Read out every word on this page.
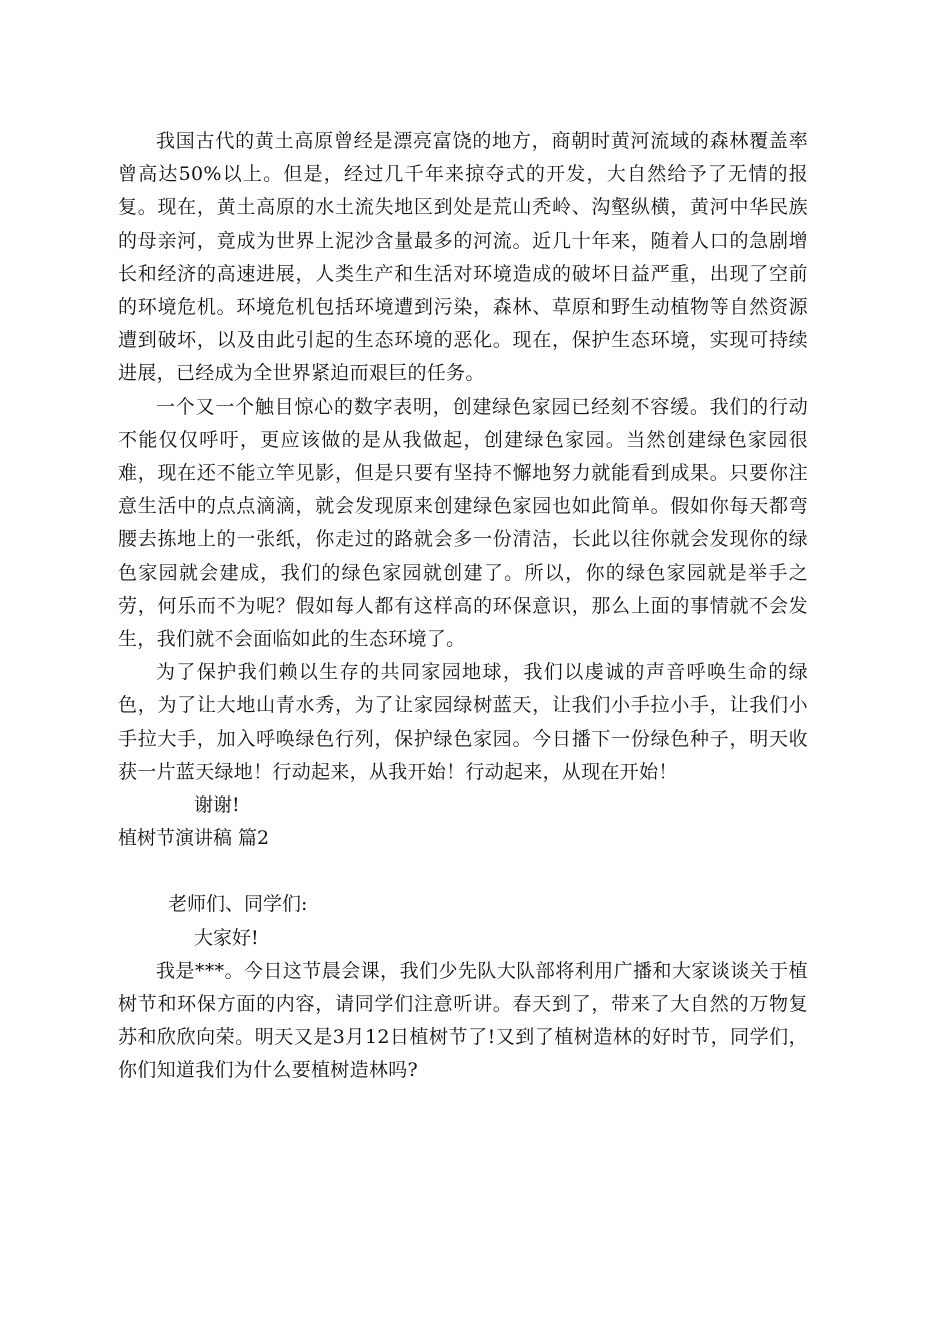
我国古代的黄土高原曾经是漂亮富饶的地方，商朝时黄河流域的森林覆盖率曾高达50%以上。但是，经过几千年来掠夺式的开发，大自然给予了无情的报复。现在，黄土高原的水土流失地区到处是荒山秃岭、沟壑纵横，黄河中华民族的母亲河，竟成为世界上泥沙含量最多的河流。近几十年来，随着人口的急剧增长和经济的高速进展，人类生产和生活对环境造成的破坏日益严重，出现了空前的环境危机。环境危机包括环境遭到污染，森林、草原和野生动植物等自然资源遭到破坏，以及由此引起的生态环境的恶化。现在，保护生态环境，实现可持续进展，已经成为全世界紧迫而艰巨的任务。

一个又一个触目惊心的数字表明，创建绿色家园已经刻不容缓。我们的行动不能仅仅呼吁，更应该做的是从我做起，创建绿色家园。当然创建绿色家园很难，现在还不能立竿见影，但是只要有坚持不懈地努力就能看到成果。只要你注意生活中的点点滴滴，就会发现原来创建绿色家园也如此简单。假如你每天都弯腰去拣地上的一张纸，你走过的路就会多一份清洁，长此以往你就会发现你的绿色家园就会建成，我们的绿色家园就创建了。所以，你的绿色家园就是举手之劳，何乐而不为呢？假如每人都有这样高的环保意识，那么上面的事情就不会发生，我们就不会面临如此的生态环境了。

为了保护我们赖以生存的共同家园地球，我们以虔诚的声音呼唤生命的绿色，为了让大地山青水秀，为了让家园绿树蓝天，让我们小手拉小手，让我们小手拉大手，加入呼唤绿色行列，保护绿色家园。今日播下一份绿色种子，明天收获一片蓝天绿地！行动起来，从我开始！行动起来，从现在开始！

谢谢!

植树节演讲稿 篇2

老师们、同学们:

大家好!

我是***。今日这节晨会课，我们少先队大队部将利用广播和大家谈谈关于植树节和环保方面的内容，请同学们注意听讲。春天到了，带来了大自然的万物复苏和欣欣向荣。明天又是3月12日植树节了!又到了植树造林的好时节，同学们，你们知道我们为什么要植树造林吗?
